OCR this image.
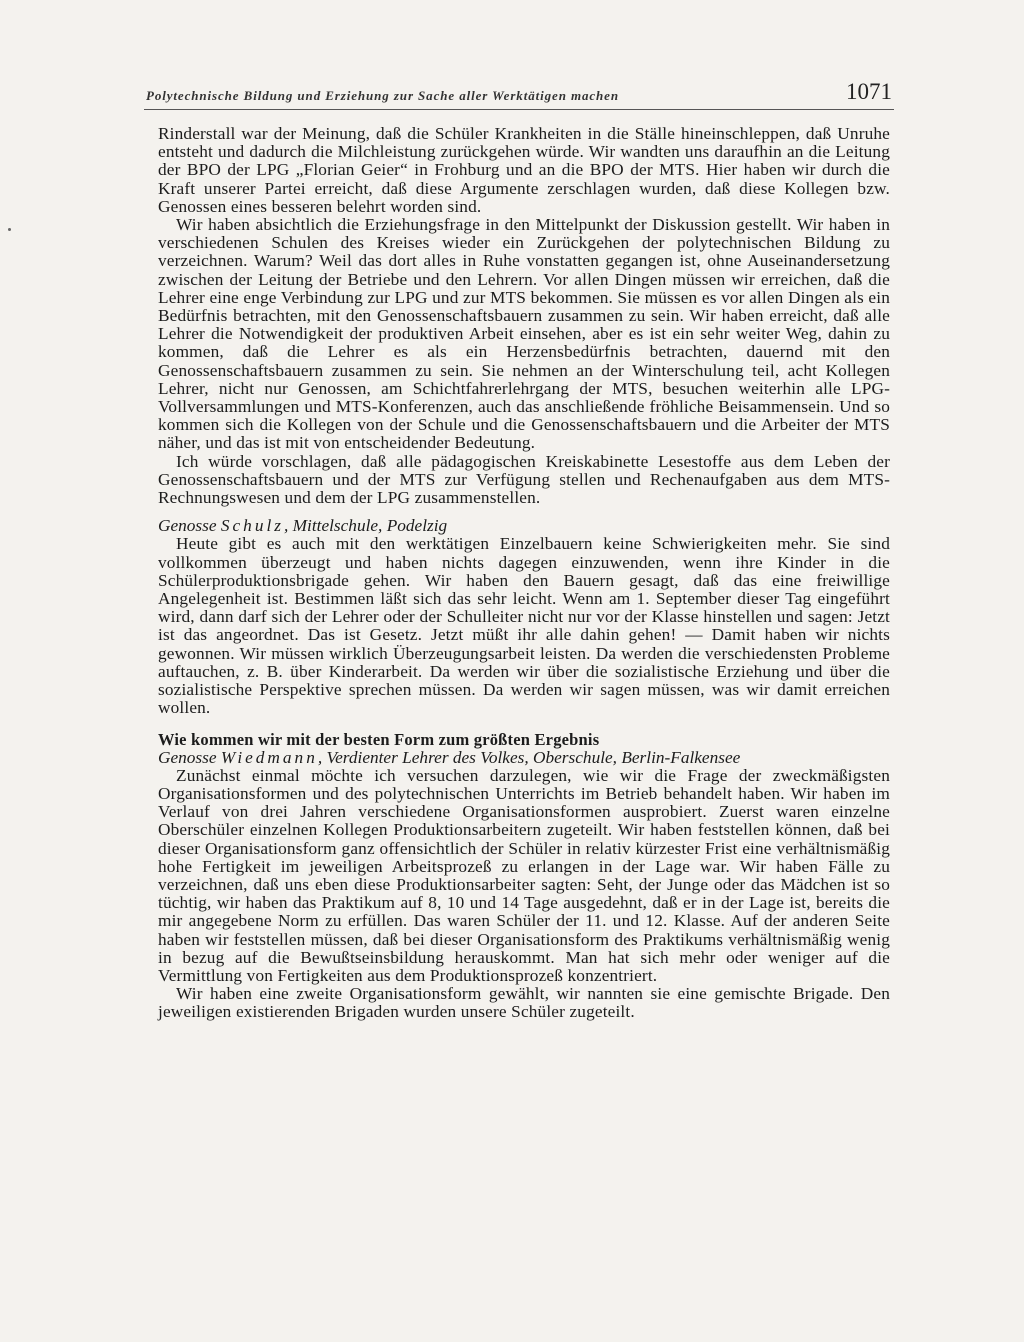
Polytechnische Bildung und Erziehung zur Sache aller Werktätigen machen	1071

Rinderstall war der Meinung, daß die Schüler Krankheiten in die Ställe hineinschleppen, daß Unruhe entsteht und dadurch die Milchleistung zurückgehen würde. Wir wandten uns daraufhin an die Leitung der BPO der LPG „Florian Geier“ in Frohburg und an die BPO der MTS. Hier haben wir durch die Kraft unserer Partei erreicht, daß diese Argumente zerschlagen wurden, daß diese Kollegen bzw. Genossen eines besseren belehrt worden sind.

Wir haben absichtlich die Erziehungsfrage in den Mittelpunkt der Diskussion gestellt. Wir haben in verschiedenen Schulen des Kreises wieder ein Zurückgehen der polytechnischen Bildung zu verzeichnen. Warum? Weil das dort alles in Ruhe vonstatten gegangen ist, ohne Auseinandersetzung zwischen der Leitung der Betriebe und den Lehrern. Vor allen Dingen müssen wir erreichen, daß die Lehrer eine enge Verbindung zur LPG und zur MTS bekommen. Sie müssen es vor allen Dingen als ein Bedürfnis betrachten, mit den Genossenschaftsbauern zusammen zu sein. Wir haben erreicht, daß alle Lehrer die Notwendigkeit der produktiven Arbeit einsehen, aber es ist ein sehr weiter Weg, dahin zu kommen, daß die Lehrer es als ein Herzensbedürfnis betrachten, dauernd mit den Genossenschaftsbauern zusammen zu sein. Sie nehmen an der Winterschulung teil, acht Kollegen Lehrer, nicht nur Genossen, am Schichtfahrerlehrgang der MTS, besuchen weiterhin alle LPG-Vollversammlungen und MTS-Konferenzen, auch das anschließende fröhliche Beisammensein. Und so kommen sich die Kollegen von der Schule und die Genossenschaftsbauern und die Arbeiter der MTS näher, und das ist mit von entscheidender Bedeutung.

Ich würde vorschlagen, daß alle pädagogischen Kreiskabinette Lesestoffe aus dem Leben der Genossenschaftsbauern und der MTS zur Verfügung stellen und Rechenaufgaben aus dem MTS-Rechnungswesen und dem der LPG zusammenstellen.

Genosse Schulz, Mittelschule, Podelzig

Heute gibt es auch mit den werktätigen Einzelbauern keine Schwierigkeiten mehr. Sie sind vollkommen überzeugt und haben nichts dagegen einzuwenden, wenn ihre Kinder in die Schülerproduktionsbrigade gehen. Wir haben den Bauern gesagt, daß das eine freiwillige Angelegenheit ist. Bestimmen läßt sich das sehr leicht. Wenn am 1. September dieser Tag eingeführt wird, dann darf sich der Lehrer oder der Schulleiter nicht nur vor der Klasse hinstellen und sagen: Jetzt ist das angeordnet. Das ist Gesetz. Jetzt müßt ihr alle dahin gehen! — Damit haben wir nichts gewonnen. Wir müssen wirklich Überzeugungsarbeit leisten. Da werden die verschiedensten Probleme auftauchen, z. B. über Kinderarbeit. Da werden wir über die sozialistische Erziehung und über die sozialistische Perspektive sprechen müssen. Da werden wir sagen müssen, was wir damit erreichen wollen.

Wie kommen wir mit der besten Form zum größten Ergebnis
Genosse Wiedmann, Verdienter Lehrer des Volkes, Oberschule, Berlin-Falkensee

Zunächst einmal möchte ich versuchen darzulegen, wie wir die Frage der zweckmäßigsten Organisationsformen und des polytechnischen Unterrichts im Betrieb behandelt haben. Wir haben im Verlauf von drei Jahren verschiedene Organisationsformen ausprobiert. Zuerst waren einzelne Oberschüler einzelnen Kollegen Produktionsarbeitern zugeteilt. Wir haben feststellen können, daß bei dieser Organisationsform ganz offensichtlich der Schüler in relativ kürzester Frist eine verhältnismäßig hohe Fertigkeit im jeweiligen Arbeitsprozeß zu erlangen in der Lage war. Wir haben Fälle zu verzeichnen, daß uns eben diese Produktionsarbeiter sagten: Seht, der Junge oder das Mädchen ist so tüchtig, wir haben das Praktikum auf 8, 10 und 14 Tage ausgedehnt, daß er in der Lage ist, bereits die mir angegebene Norm zu erfüllen. Das waren Schüler der 11. und 12. Klasse. Auf der anderen Seite haben wir feststellen müssen, daß bei dieser Organisationsform des Praktikums verhältnismäßig wenig in bezug auf die Bewußtseinsbildung herauskommt. Man hat sich mehr oder weniger auf die Vermittlung von Fertigkeiten aus dem Produktionsprozeß konzentriert.

Wir haben eine zweite Organisationsform gewählt, wir nannten sie eine gemischte Brigade. Den jeweiligen existierenden Brigaden wurden unsere Schüler zugeteilt.
